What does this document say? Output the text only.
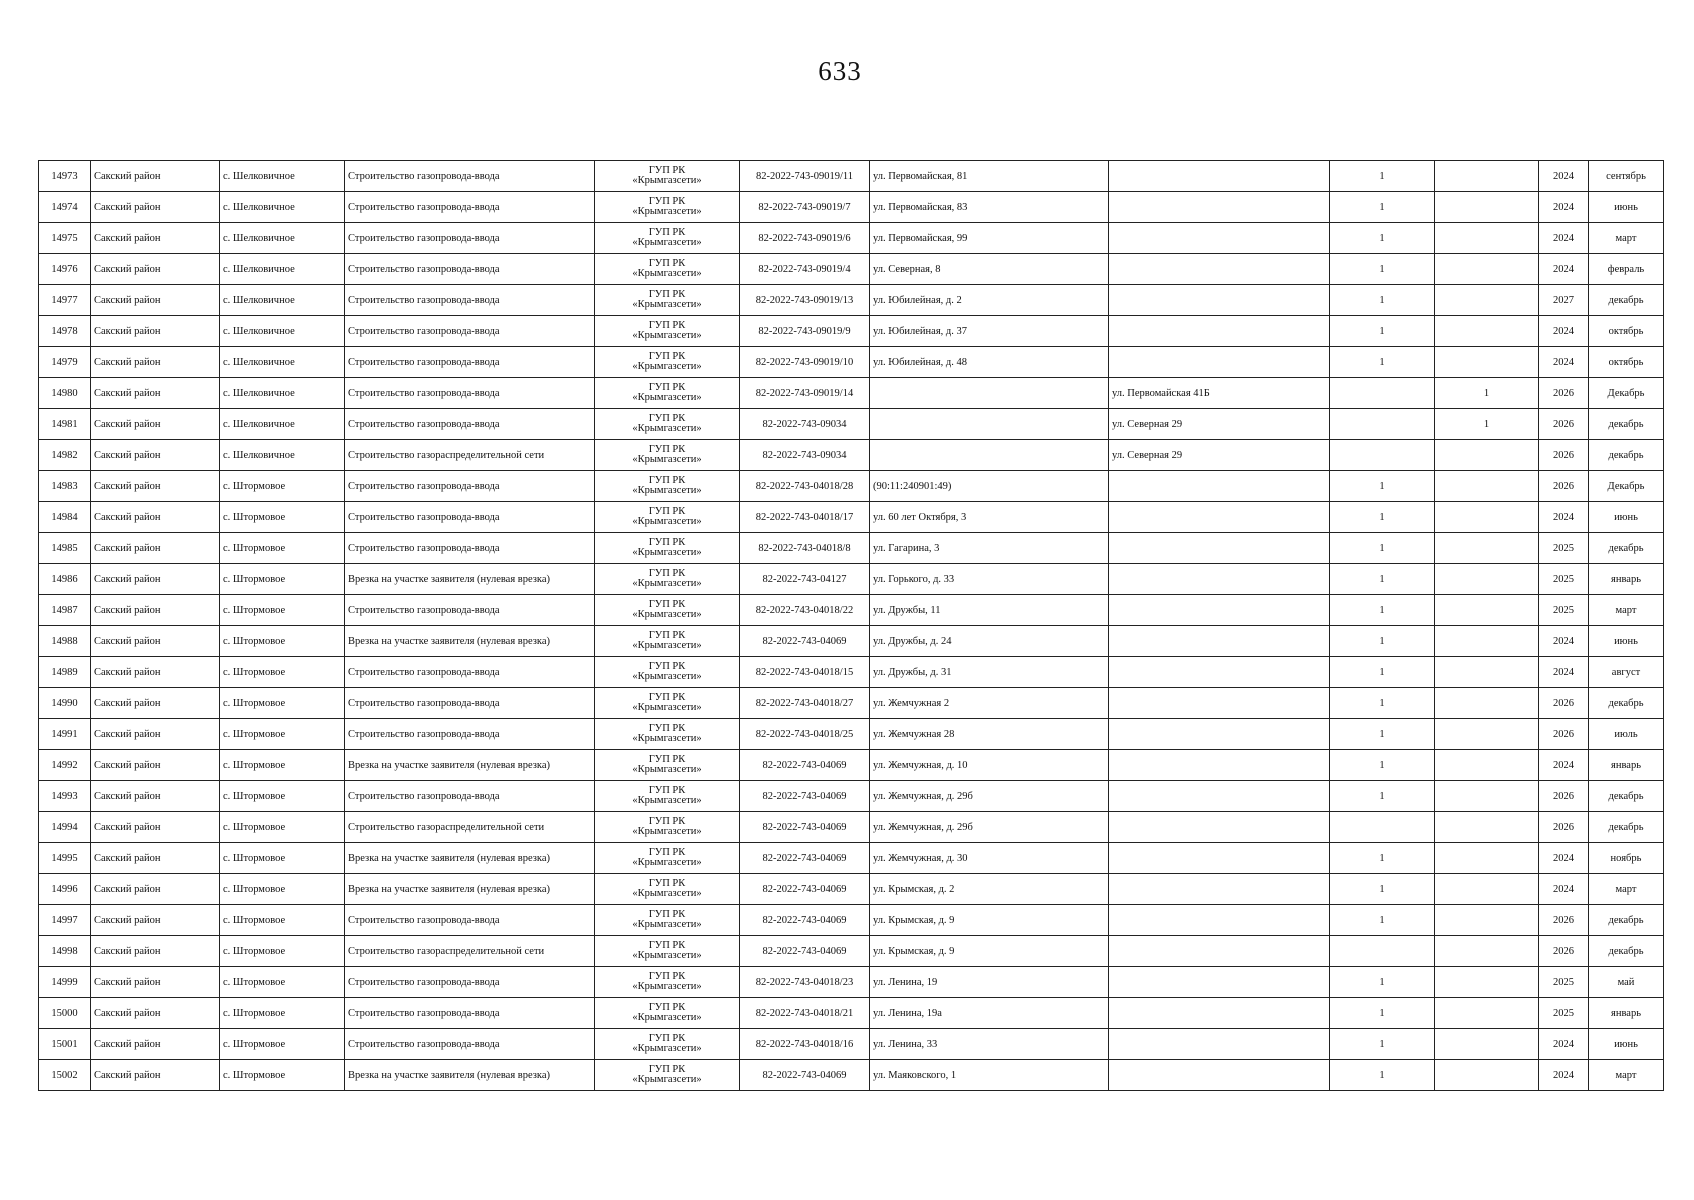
633
14973	Сакский район	с. Шелковичное	Строительство газопровода-ввода	ГУП РК
«Крымгазсети»	82-2022-743-09019/11	ул. Первомайская, 81		1		2024	сентябрь
14974	Сакский район	с. Шелковичное	Строительство газопровода-ввода	ГУП РК
«Крымгазсети»	82-2022-743-09019/7	ул. Первомайская, 83		1		2024	июнь
14975	Сакский район	с. Шелковичное	Строительство газопровода-ввода	ГУП РК
«Крымгазсети»	82-2022-743-09019/6	ул. Первомайская, 99		1		2024	март
14976	Сакский район	с. Шелковичное	Строительство газопровода-ввода	ГУП РК
«Крымгазсети»	82-2022-743-09019/4	ул. Северная, 8		1		2024	февраль
14977	Сакский район	с. Шелковичное	Строительство газопровода-ввода	ГУП РК
«Крымгазсети»	82-2022-743-09019/13	ул. Юбилейная, д. 2		1		2027	декабрь
14978	Сакский район	с. Шелковичное	Строительство газопровода-ввода	ГУП РК
«Крымгазсети»	82-2022-743-09019/9	ул. Юбилейная, д. 37		1		2024	октябрь
14979	Сакский район	с. Шелковичное	Строительство газопровода-ввода	ГУП РК
«Крымгазсети»	82-2022-743-09019/10	ул. Юбилейная, д. 48		1		2024	октябрь
14980	Сакский район	с. Шелковичное	Строительство газопровода-ввода	ГУП РК
«Крымгазсети»	82-2022-743-09019/14		ул. Первомайская 41Б		1	2026	Декабрь
14981	Сакский район	с. Шелковичное	Строительство газопровода-ввода	ГУП РК
«Крымгазсети»	82-2022-743-09034		ул. Северная 29		1	2026	декабрь
14982	Сакский район	с. Шелковичное	Строительство газораспределительной сети	ГУП РК
«Крымгазсети»	82-2022-743-09034		ул. Северная 29			2026	декабрь
14983	Сакский район	с. Штормовое	Строительство газопровода-ввода	ГУП РК
«Крымгазсети»	82-2022-743-04018/28	(90:11:240901:49)		1		2026	Декабрь
14984	Сакский район	с. Штормовое	Строительство газопровода-ввода	ГУП РК
«Крымгазсети»	82-2022-743-04018/17	ул. 60 лет Октября, 3		1		2024	июнь
14985	Сакский район	с. Штормовое	Строительство газопровода-ввода	ГУП РК
«Крымгазсети»	82-2022-743-04018/8	ул. Гагарина, 3		1		2025	декабрь
14986	Сакский район	с. Штормовое	Врезка на участке заявителя (нулевая врезка)	ГУП РК
«Крымгазсети»	82-2022-743-04127	ул. Горького, д. 33		1		2025	январь
14987	Сакский район	с. Штормовое	Строительство газопровода-ввода	ГУП РК
«Крымгазсети»	82-2022-743-04018/22	ул. Дружбы, 11		1		2025	март
14988	Сакский район	с. Штормовое	Врезка на участке заявителя (нулевая врезка)	ГУП РК
«Крымгазсети»	82-2022-743-04069	ул. Дружбы, д. 24		1		2024	июнь
14989	Сакский район	с. Штормовое	Строительство газопровода-ввода	ГУП РК
«Крымгазсети»	82-2022-743-04018/15	ул. Дружбы, д. 31		1		2024	август
14990	Сакский район	с. Штормовое	Строительство газопровода-ввода	ГУП РК
«Крымгазсети»	82-2022-743-04018/27	ул. Жемчужная 2		1		2026	декабрь
14991	Сакский район	с. Штормовое	Строительство газопровода-ввода	ГУП РК
«Крымгазсети»	82-2022-743-04018/25	ул. Жемчужная 28		1		2026	июль
14992	Сакский район	с. Штормовое	Врезка на участке заявителя (нулевая врезка)	ГУП РК
«Крымгазсети»	82-2022-743-04069	ул. Жемчужная, д. 10		1		2024	январь
14993	Сакский район	с. Штормовое	Строительство газопровода-ввода	ГУП РК
«Крымгазсети»	82-2022-743-04069	ул. Жемчужная, д. 29б		1		2026	декабрь
14994	Сакский район	с. Штормовое	Строительство газораспределительной сети	ГУП РК
«Крымгазсети»	82-2022-743-04069	ул. Жемчужная, д. 29б				2026	декабрь
14995	Сакский район	с. Штормовое	Врезка на участке заявителя (нулевая врезка)	ГУП РК
«Крымгазсети»	82-2022-743-04069	ул. Жемчужная, д. 30		1		2024	ноябрь
14996	Сакский район	с. Штормовое	Врезка на участке заявителя (нулевая врезка)	ГУП РК
«Крымгазсети»	82-2022-743-04069	ул. Крымская, д. 2		1		2024	март
14997	Сакский район	с. Штормовое	Строительство газопровода-ввода	ГУП РК
«Крымгазсети»	82-2022-743-04069	ул. Крымская, д. 9		1		2026	декабрь
14998	Сакский район	с. Штормовое	Строительство газораспределительной сети	ГУП РК
«Крымгазсети»	82-2022-743-04069	ул. Крымская, д. 9				2026	декабрь
14999	Сакский район	с. Штормовое	Строительство газопровода-ввода	ГУП РК
«Крымгазсети»	82-2022-743-04018/23	ул. Ленина, 19		1		2025	май
15000	Сакский район	с. Штормовое	Строительство газопровода-ввода	ГУП РК
«Крымгазсети»	82-2022-743-04018/21	ул. Ленина, 19а		1		2025	январь
15001	Сакский район	с. Штормовое	Строительство газопровода-ввода	ГУП РК
«Крымгазсети»	82-2022-743-04018/16	ул. Ленина, 33		1		2024	июнь
15002	Сакский район	с. Штормовое	Врезка на участке заявителя (нулевая врезка)	ГУП РК
«Крымгазсети»	82-2022-743-04069	ул. Маяковского, 1		1		2024	март
